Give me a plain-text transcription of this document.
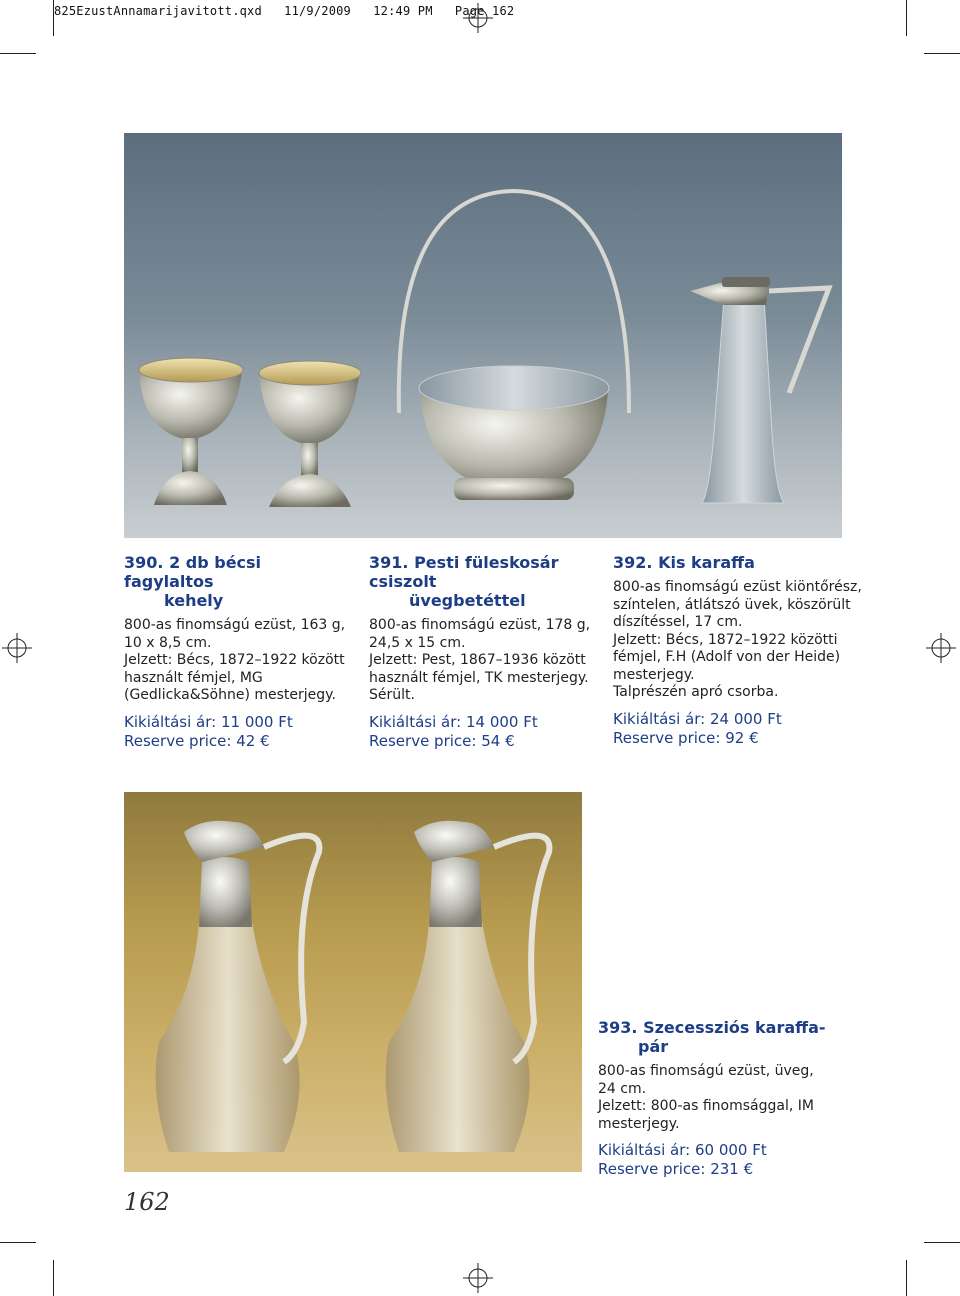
825EzustAnnamarijavitott.qxd   11/9/2009   12:49 PM   Page 162
390. 2 db bécsi fagylaltos
kehely
800-as finomságú ezüst, 163 g,
10 x 8,5 cm.
Jelzett: Bécs, 1872–1922 között
használt fémjel, MG
(Gedlicka&Söhne) mesterjegy.
Kikiáltási ár: 11 000 Ft
Reserve price: 42 €
391. Pesti füleskosár csiszolt
üvegbetéttel
800-as finomságú ezüst, 178 g,
24,5 x 15 cm.
Jelzett: Pest, 1867–1936 között
használt fémjel, TK mesterjegy.
Sérült.
Kikiáltási ár: 14 000 Ft
Reserve price: 54 €
392. Kis karaffa
800-as finomságú ezüst kiöntőrész,
színtelen, átlátszó üvek, köszörült
díszítéssel, 17 cm.
Jelzett: Bécs, 1872–1922 közötti
fémjel, F.H (Adolf von der Heide)
mesterjegy.
Talprészén apró csorba.
Kikiáltási ár: 24 000 Ft
Reserve price: 92 €
393. Szecessziós karaffa-
pár
800-as finomságú ezüst, üveg,
24 cm.
Jelzett: 800-as finomsággal, IM
mesterjegy.
Kikiáltási ár: 60 000 Ft
Reserve price: 231 €
162
